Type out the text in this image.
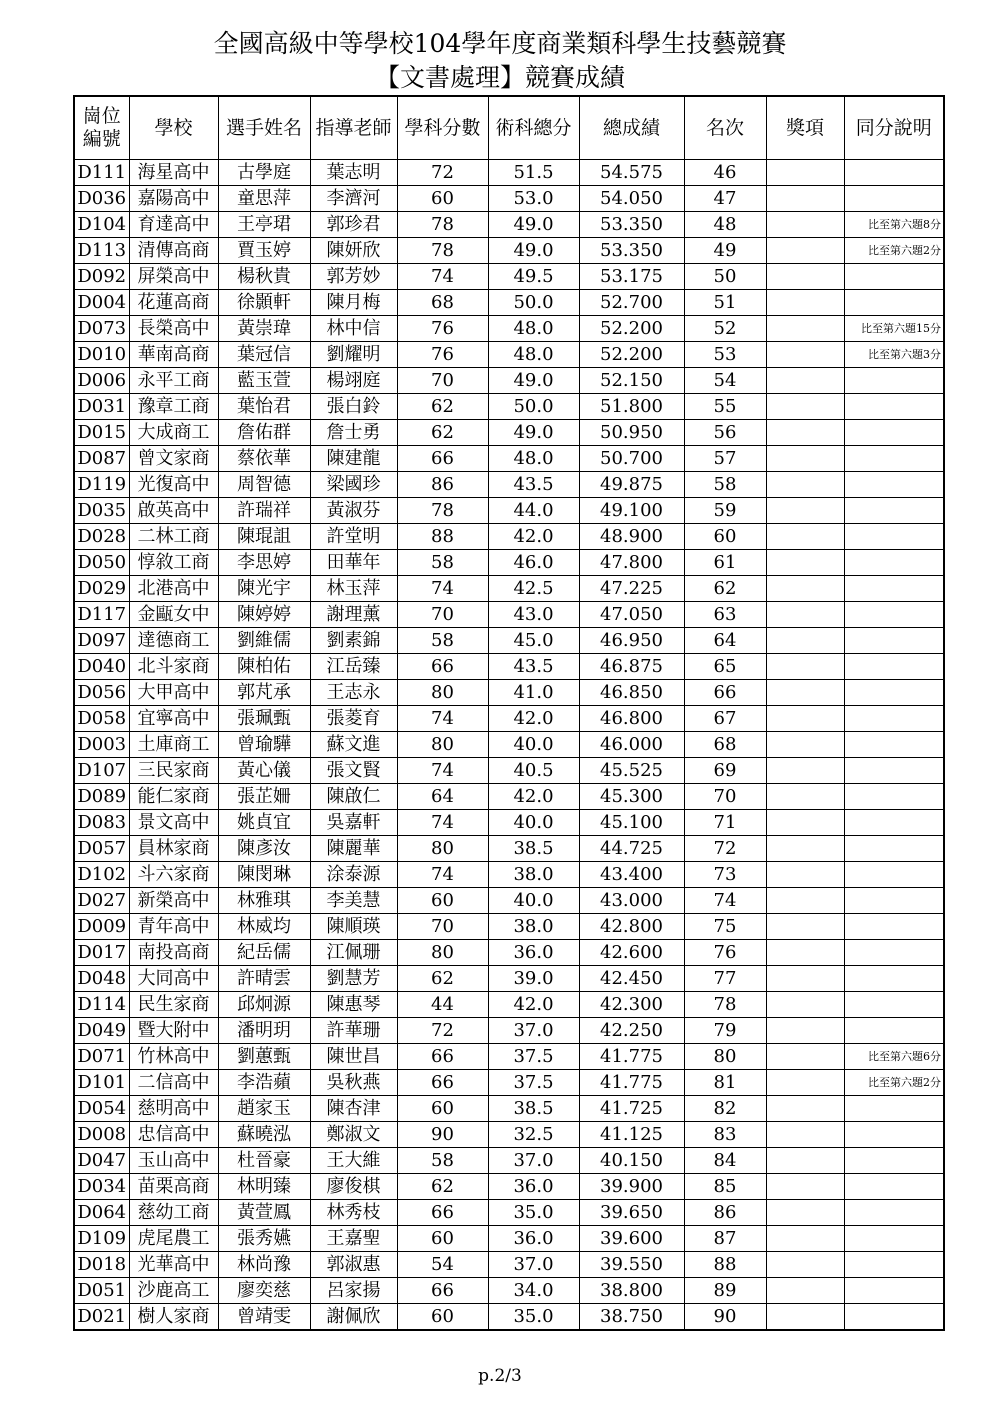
全國高級中等學校104學年度商業類科學生技藝競賽
【文書處理】競賽成績
崗位
編號	學校	選手姓名	指導老師	學科分數	術科總分	總成績	名次	獎項	同分說明
D111	海星高中	古學庭	葉志明	72	51.5	54.575	46		
D036	嘉陽高中	童思萍	李濟河	60	53.0	54.050	47		
D104	育達高中	王亭珺	郭珍君	78	49.0	53.350	48		比至第六題8分
D113	清傳高商	賈玉婷	陳妍欣	78	49.0	53.350	49		比至第六題2分
D092	屏榮高中	楊秋貴	郭芳妙	74	49.5	53.175	50		
D004	花蓮高商	徐顥軒	陳月梅	68	50.0	52.700	51		
D073	長榮高中	黃崇瑋	林中信	76	48.0	52.200	52		比至第六題15分
D010	華南高商	葉冠信	劉耀明	76	48.0	52.200	53		比至第六題3分
D006	永平工商	藍玉萱	楊翊庭	70	49.0	52.150	54		
D031	豫章工商	葉怡君	張白鈴	62	50.0	51.800	55		
D015	大成商工	詹佑群	詹士勇	62	49.0	50.950	56		
D087	曾文家商	蔡依華	陳建龍	66	48.0	50.700	57		
D119	光復高中	周智德	梁國珍	86	43.5	49.875	58		
D035	啟英高中	許瑞祥	黃淑芬	78	44.0	49.100	59		
D028	二林工商	陳琨詛	許堂明	88	42.0	48.900	60		
D050	惇敘工商	李思婷	田華年	58	46.0	47.800	61		
D029	北港高中	陳光宇	林玉萍	74	42.5	47.225	62		
D117	金甌女中	陳婷婷	謝理薰	70	43.0	47.050	63		
D097	達德商工	劉維儒	劉素錦	58	45.0	46.950	64		
D040	北斗家商	陳柏佑	江岳臻	66	43.5	46.875	65		
D056	大甲高中	郭芃承	王志永	80	41.0	46.850	66		
D058	宜寧高中	張珮甄	張菱育	74	42.0	46.800	67		
D003	土庫商工	曾瑜驊	蘇文進	80	40.0	46.000	68		
D107	三民家商	黃心儀	張文賢	74	40.5	45.525	69		
D089	能仁家商	張芷姍	陳啟仁	64	42.0	45.300	70		
D083	景文高中	姚貞宜	吳嘉軒	74	40.0	45.100	71		
D057	員林家商	陳彥汝	陳麗華	80	38.5	44.725	72		
D102	斗六家商	陳閔琳	涂泰源	74	38.0	43.400	73		
D027	新榮高中	林雅琪	李美慧	60	40.0	43.000	74		
D009	青年高中	林威均	陳順瑛	70	38.0	42.800	75		
D017	南投高商	紀岳儒	江佩珊	80	36.0	42.600	76		
D048	大同高中	許晴雲	劉慧芳	62	39.0	42.450	77		
D114	民生家商	邱炯源	陳惠琴	44	42.0	42.300	78		
D049	暨大附中	潘明玥	許華珊	72	37.0	42.250	79		
D071	竹林高中	劉蕙甄	陳世昌	66	37.5	41.775	80		比至第六題6分
D101	二信高中	李浩蘋	吳秋燕	66	37.5	41.775	81		比至第六題2分
D054	慈明高中	趙家玉	陳杏津	60	38.5	41.725	82		
D008	忠信高中	蘇曉泓	鄭淑文	90	32.5	41.125	83		
D047	玉山高中	杜晉豪	王大維	58	37.0	40.150	84		
D034	苗栗高商	林明臻	廖俊棋	62	36.0	39.900	85		
D064	慈幼工商	黃萱鳳	林秀枝	66	35.0	39.650	86		
D109	虎尾農工	張秀嬿	王嘉聖	60	36.0	39.600	87		
D018	光華高中	林尚豫	郭淑惠	54	37.0	39.550	88		
D051	沙鹿高工	廖奕慈	呂家揚	66	34.0	38.800	89		
D021	樹人家商	曾靖雯	謝佩欣	60	35.0	38.750	90		
p.2/3
